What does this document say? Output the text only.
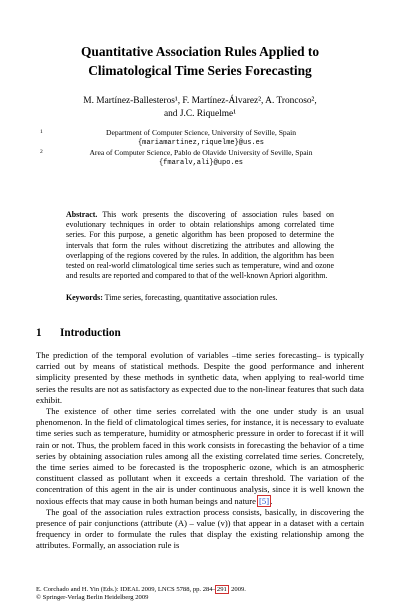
Quantitative Association Rules Applied to
Climatological Time Series Forecasting
M. Martínez-Ballesteros¹, F. Martínez-Álvarez², A. Troncoso²,
and J.C. Riquelme¹
1	Department of Computer Science, University of Seville, Spain
{mariamartinez,riquelme}@us.es
2	Area of Computer Science, Pablo de Olavide University of Seville, Spain
{fmaralv,ali}@upo.es
Abstract. This work presents the discovering of association rules based on evolutionary techniques in order to obtain relationships among correlated time series. For this purpose, a genetic algorithm has been proposed to determine the intervals that form the rules without discretizing the attributes and allowing the overlapping of the regions covered by the rules. In addition, the algorithm has been tested on real-world climatological time series such as temperature, wind and ozone and results are reported and compared to that of the well-known Apriori algorithm.
Keywords: Time series, forecasting, quantitative association rules.
1 Introduction

The prediction of the temporal evolution of variables –time series forecasting– is typically carried out by means of statistical methods. Despite the good performance and inherent simplicity presented by these methods in synthetic data, when applying to real-world time series the results are not as satisfactory as expected due to the non-linear features that such data exhibit.

The existence of other time series correlated with the one under study is an usual phenomenon. In the field of climatological times series, for instance, it is necessary to evaluate time series such as temperature, humidity or atmospheric pressure in order to forecast if it will rain or not. Thus, the problem faced in this work consists in forecasting the behavior of a time series by obtaining association rules among all the existing correlated time series. Concretely, the time series aimed to be forecasted is the tropospheric ozone, which is an atmospheric constituent classed as pollutant when it exceeds a certain threshold. The variation of the concentration of this agent in the air is under continuous analysis, since it is well known the noxious effects that may cause in both human beings and nature [5].

The goal of the association rules extraction process consists, basically, in discovering the presence of pair conjunctions (attribute (A) – value (v)) that appear in a dataset with a certain frequency in order to formulate the rules that display the existing relationship among the attributes. Formally, an association rule is

E. Corchado and H. Yin (Eds.): IDEAL 2009, LNCS 5788, pp. 284–291, 2009.
© Springer-Verlag Berlin Heidelberg 2009
